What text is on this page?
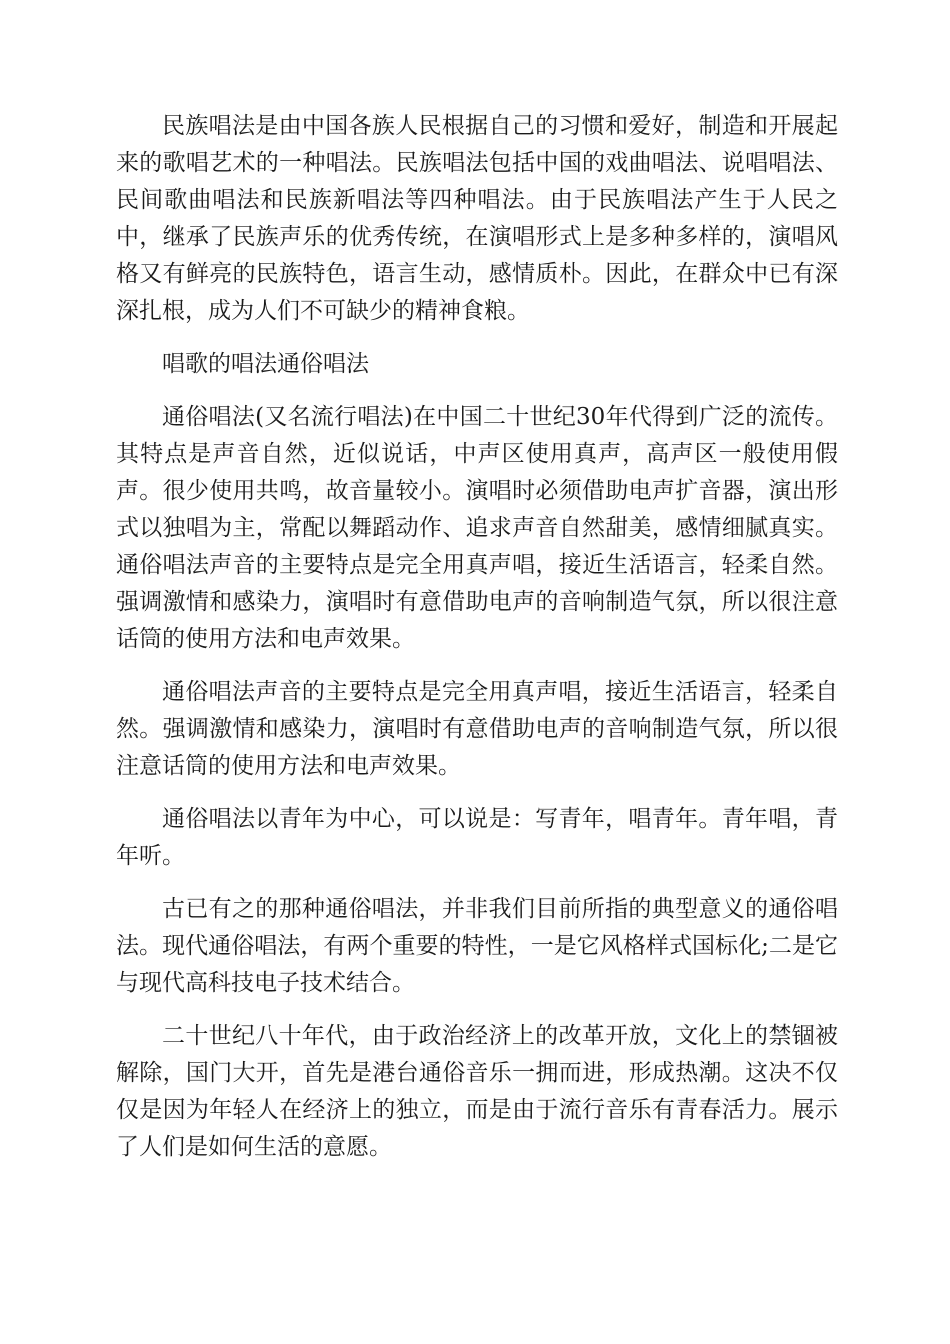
民族唱法是由中国各族人民根据自己的习惯和爱好，制造和开展起来的歌唱艺术的一种唱法。民族唱法包括中国的戏曲唱法、说唱唱法、民间歌曲唱法和民族新唱法等四种唱法。由于民族唱法产生于人民之中，继承了民族声乐的优秀传统，在演唱形式上是多种多样的，演唱风格又有鲜亮的民族特色，语言生动，感情质朴。因此，在群众中已有深深扎根，成为人们不可缺少的精神食粮。

唱歌的唱法通俗唱法

通俗唱法(又名流行唱法)在中国二十世纪30年代得到广泛的流传。其特点是声音自然，近似说话，中声区使用真声，高声区一般使用假声。很少使用共鸣，故音量较小。演唱时必须借助电声扩音器，演出形式以独唱为主，常配以舞蹈动作、追求声音自然甜美，感情细腻真实。通俗唱法声音的主要特点是完全用真声唱，接近生活语言，轻柔自然。强调激情和感染力，演唱时有意借助电声的音响制造气氛，所以很注意话筒的使用方法和电声效果。

通俗唱法声音的主要特点是完全用真声唱，接近生活语言，轻柔自然。强调激情和感染力，演唱时有意借助电声的音响制造气氛，所以很注意话筒的使用方法和电声效果。

通俗唱法以青年为中心，可以说是：写青年，唱青年。青年唱，青年听。

古已有之的那种通俗唱法，并非我们目前所指的典型意义的通俗唱法。现代通俗唱法，有两个重要的特性，一是它风格样式国标化;二是它与现代高科技电子技术结合。

二十世纪八十年代，由于政治经济上的改革开放，文化上的禁锢被解除，国门大开，首先是港台通俗音乐一拥而进，形成热潮。这决不仅仅是因为年轻人在经济上的独立，而是由于流行音乐有青春活力。展示了人们是如何生活的意愿。
